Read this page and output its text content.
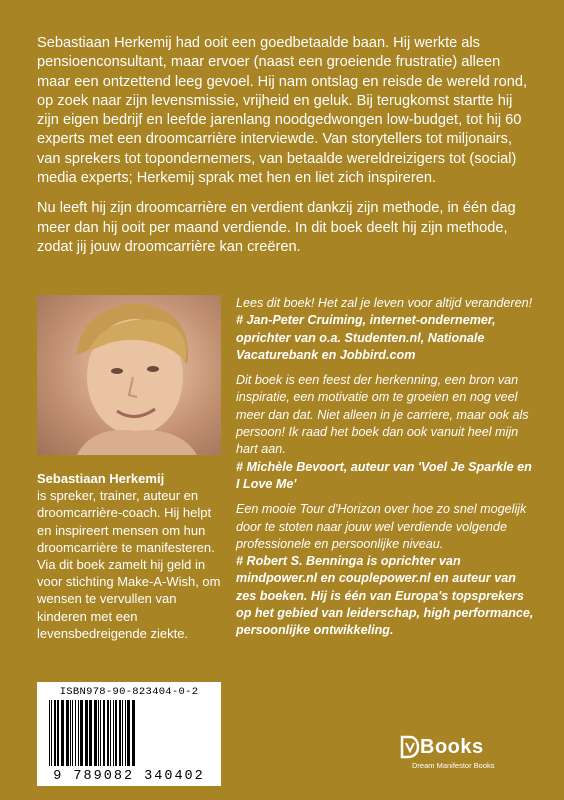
Sebastiaan Herkemij had ooit een goedbetaalde baan. Hij werkte als pensioenconsultant, maar ervoer (naast een groeiende frustratie) alleen maar een ontzettend leeg gevoel. Hij nam ontslag en reisde de wereld rond, op zoek naar zijn levensmissie, vrijheid en geluk. Bij terugkomst startte hij zijn eigen bedrijf en leefde jarenlang noodgedwongen low-budget, tot hij 60 experts met een droomcarrière interviewde. Van storytellers tot miljonairs, van sprekers tot topondernemers, van betaalde wereldreizigers tot (social) media experts; Herkemij sprak met hen en liet zich inspireren.

Nu leeft hij zijn droomcarrière en verdient dankzij zijn methode, in één dag meer dan hij ooit per maand verdiende. In dit boek deelt hij zijn methode, zodat jij jouw droomcarrière kan creëren.

Sebastiaan Herkemij
is spreker, trainer, auteur en droomcarrière-coach. Hij helpt en inspireert mensen om hun droomcarrière te manifesteren. Via dit boek zamelt hij geld in voor stichting Make-A-Wish, om wensen te vervullen van kinderen met een levensbedreigende ziekte.
Lees dit boek! Het zal je leven voor altijd veranderen!
# Jan-Peter Cruiming, internet-ondernemer, oprichter van o.a. Studenten.nl, Nationale Vacaturebank en Jobbird.com
Dit boek is een feest der herkenning, een bron van inspiratie, een motivatie om te groeien en nog veel meer dan dat. Niet alleen in je carriere, maar ook als persoon! Ik raad het boek dan ook vanuit heel mijn hart aan.
# Michèle Bevoort, auteur van 'Voel Je Sparkle en I Love Me'
Een mooie Tour d'Horizon over hoe zo snel mogelijk door te stoten naar jouw wel verdiende volgende professionele en persoonlijke niveau.
# Robert S. Benninga is oprichter van mindpower.nl en couplepower.nl en auteur van zes boeken. Hij is één van Europa's topsprekers op het gebied van leiderschap, high performance, persoonlijke ontwikkeling.
ISBN978-90-823404-0-2
9 789082 340402
Books
Dream Manifestor Books
